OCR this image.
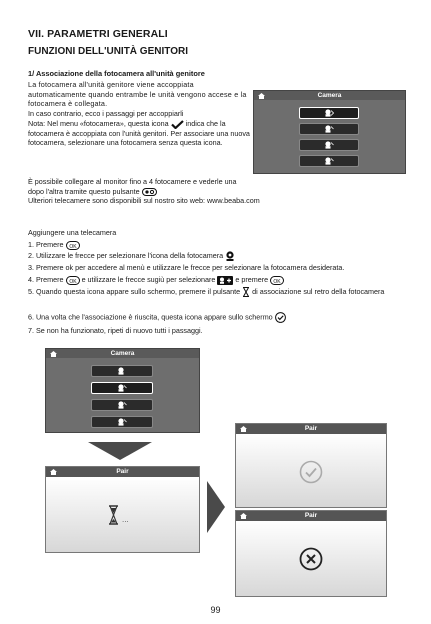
VII. PARAMETRI GENERALI
FUNZIONI DELL'UNITÀ GENITORI
1/ Associazione della fotocamera all'unità genitore
La fotocamera all'unità genitore viene accoppiata automaticamente quando entrambe le unità vengono accese e la fotocamera è collegata.
In caso contrario, ecco i passaggi per accoppiarli
Nota: Nel menu «fotocamera», questa icona indica che la fotocamera è accoppiata con l'unità genitori. Per associare una nuova fotocamera, selezionare una fotocamera senza questa icona.
È possibile collegare al monitor fino a 4 fotocamere e vederle una dopo l'altra tramite questo pulsante
Ulteriori telecamere sono disponibili sul nostro sito web: www.beaba.com
Camera
Aggiungere una telecamera
1. Premere OK
2. Utilizzare le frecce per selezionare l'icona della fotocamera
3. Premere ok per accedere al menù e utilizzare le frecce per selezionare la fotocamera desiderata.
4. Premere OK e utilizzare le frecce sugiù per selezionare	e premere OK
5. Quando questa icona appare sullo schermo, premere il pulsante di associazione sul retro della fotocamera
6. Una volta che l'associazione è riuscita, questa icona appare sullo schermo
7. Se non ha funzionato, ripeti di nuovo tutti i passaggi.
Camera
Pair
...
Pair
Pair
99
